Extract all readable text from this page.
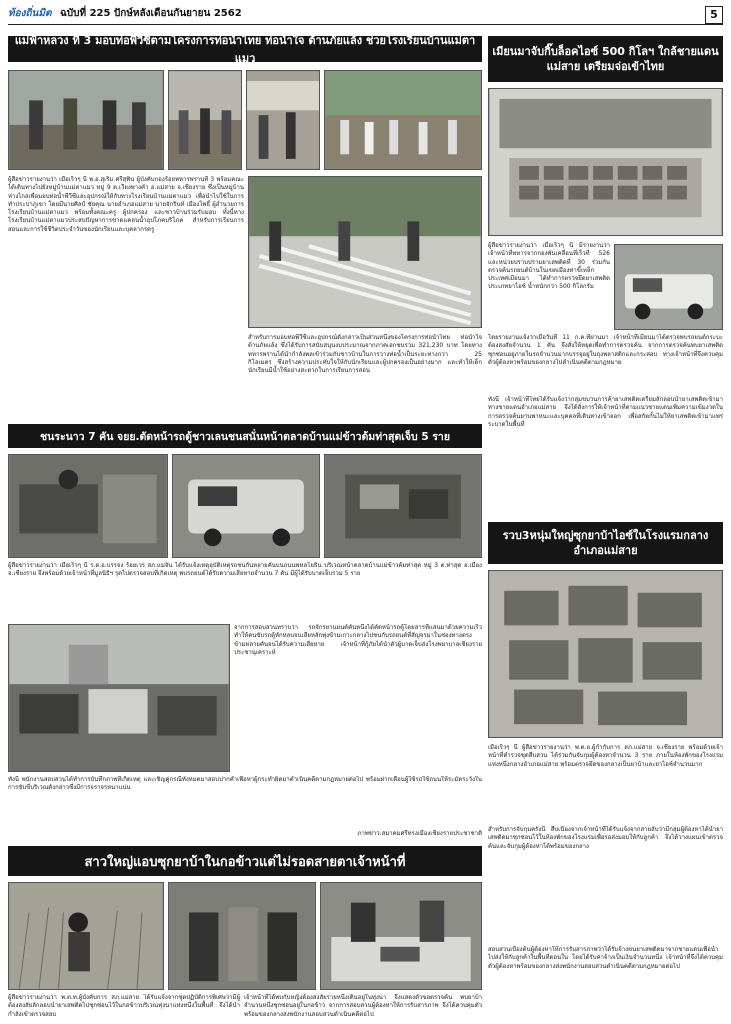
ท้องถิ่นมิต ฉบับที่ 225 ปักษ์หลังเดือนกันยายน 2562	5
แม่ฟ้าหลวง ที่ 3 มอบท่อพีวีซีตามโครงการท่อน้ำไทย ท่อน้ำใจ ต้านภัยแล้ง ช่วยโรงเรียนบ้านแม่ตาแมว
ผู้สื่อข่าวรายงานว่า เมื่อเร็วๆ นี้ พ.อ.สุเริ่ม ศรีสุพิน ผู้บังคับกองร้อยทหารพรานที่ 3 พร้อมคณะได้เดินทางไปยังหมู่บ้านแม่ตาแมว หมู่ 9 ต.เวียงพางคำ อ.แม่สาย จ.เชียงราย ซึ่งเป็นหมู่บ้านห่างไกลเพื่อมอบท่อน้ำพีวีซีและอุปกรณ์ให้กับทางโรงเรียนบ้านแม่ตาแมว เพื่อนำไปใช้ในการทำประปาภูเขา โดยมีนายศิลป์ ชัยคุณ นายอำเภอแม่สาย นายจักรินท์ เมืองโพธิ์ ผู้อำนวยการโรงเรียนบ้านแม่ตาแมว พร้อมทั้งคณะครู ผู้ปกครอง และชาวบ้านร่วมรับมอบ ทั้งนี้ทางโรงเรียนบ้านแม่ตาแมวประสบปัญหาการขาดแคลนน้ำอุปโภคบริโภค สำหรับการเรียนการสอนและการใช้ชีวิตประจำวันของนักเรียนและบุคลากรครู
สำหรับการมอบท่อพีวีซีและอุปกรณ์ดังกล่าวเป็นส่วนหนึ่งของโครงการท่อน้ำไทย ท่อน้ำใจ ต้านภัยแล้ง ซึ่งได้รับการสนับสนุนงบประมาณจากภาคเอกชนรวม 321,230 บาท โดยทางทหารพรานได้นำกำลังพลเข้าร่วมกับชาวบ้านในการวางท่อน้ำเป็นระยะทางกว่า 25 กิโลเมตร ซึ่งสร้างความประทับใจให้กับนักเรียนและผู้ปกครองเป็นอย่างมาก และทำให้เด็กนักเรียนมีน้ำใช้อย่างสะดวกในการเรียนการสอน
เมียนมาจับกิ๊บล็อคไอซ์ 500 กิโลฯ ใกล้ชายแดนแม่สาย เตรียมจ่อเข้าไทย
ผู้สื่อข่าวรายงานว่า เมื่อเร็วๆ นี้ มีรายงานว่า เจ้าหน้าที่ทหารจากกองพันเคลื่อนที่เร็วที่ 526 และหน่วยปราบปรามยาเสพติดที่ 30 ร่วมกันตรวจค้นรถยนต์บ้านในเขตเมืองท่าขี้เหล็ก ประเทศเมียนมา ได้ทำการตรวจยึดยาเสพติดประเภทยาไอซ์ น้ำหนักกว่า 500 กิโลกรัม
โดยรายงานแจ้งว่าเมื่อวันที่ 11 ก.ค.ที่ผ่านมา เจ้าหน้าที่เมียนมาได้ตรวจพบรถยนต์กระบะต้องสงสัยจำนวน 1 คัน จึงสั่งให้หยุดเพื่อทำการตรวจค้น จากการตรวจค้นพบยาเสพติดซุกซ่อนอยู่ภายในรถจำนวนมากบรรจุอยู่ในถุงพลาสติกและกระสอบ ทางเจ้าหน้าที่จึงควบคุมตัวผู้ต้องหาพร้อมของกลางไปดำเนินคดีตามกฎหมาย
ทั้งนี้ เจ้าหน้าที่ไทยได้รับแจ้งว่ากลุ่มขบวนการค้ายาเสพติดเตรียมลักลอบนำยาเสพติดเข้ามาทางชายแดนอำเภอแม่สาย จึงได้สั่งการให้เจ้าหน้าที่ตามแนวชายแดนเพิ่มความเข้มงวดในการตรวจค้นยานพาหนะและบุคคลที่เดินทางเข้าออก เพื่อสกัดกั้นไม่ให้ยาเสพติดเข้ามาแพร่ระบาดในพื้นที่
ชนระนาว 7 คัน จยย.ตัดหน้ารถตู้ชาวเลนชนสนั่นหน้าตลาดบ้านแม่ข้าวต้มท่าสุดเจ็บ 5 ราย
ผู้สื่อข่าวรายงานว่า เมื่อเร็วๆ นี้ ร.ต.อ.บรรจง ร้อยเวร สภ.แม่จัน ได้รับแจ้งเหตุอุบัติเหตุรถชนกันหลายคันบนถนนพหลโยธิน บริเวณหน้าตลาดบ้านแม่ข้าวต้มท่าสุด หมู่ 3 ต.ท่าสุด อ.เมือง จ.เชียงราย จึงพร้อมด้วยเจ้าหน้าที่มูลนิธิฯ รุดไปตรวจสอบที่เกิดเหตุ พบรถยนต์ได้รับความเสียหายจำนวน 7 คัน มีผู้ได้รับบาดเจ็บรวม 5 ราย
จากการสอบสวนทราบว่า รถจักรยานยนต์คันหนึ่งได้ตัดหน้ารถตู้โดยสารที่แล่นมาด้วยความเร็ว ทำให้คนขับรถตู้หักหลบจนเสียหลักพุ่งข้ามเกาะกลางไปชนกับรถยนต์ที่สัญจรมาในช่องทางตรงข้ามหลายคันจนได้รับความเสียหาย เจ้าหน้าที่กู้ภัยได้นำตัวผู้บาดเจ็บส่งโรงพยาบาลเชียงรายประชานุเคราะห์
ทั้งนี้ พนักงานสอบสวนได้ทำการบันทึกภาพที่เกิดเหตุ และเชิญคู่กรณีทั้งหมดมาสอบปากคำเพื่อหาผู้กระทำผิดมาดำเนินคดีตามกฎหมายต่อไป พร้อมฝากเตือนผู้ใช้รถใช้ถนนให้ระมัดระวังในการขับขี่บริเวณดังกล่าวซึ่งมีการจราจรหนาแน่น
ภาพข่าว:สมาคมศรีทรงเมืองเชียงรายประชาชาติ
รวบ3หนุ่มใหญ่ซุกยาบ้าไอซ์ในโรงแรมกลางอำเภอแม่สาย
เมื่อเร็วๆ นี้ ผู้สื่อข่าวรายงานว่า พ.ต.อ.ผู้กำกับการ สภ.แม่สาย จ.เชียงราย พร้อมด้วยเจ้าหน้าที่ตำรวจชุดสืบสวน ได้ร่วมกันจับกุมผู้ต้องหาจำนวน 3 ราย ภายในห้องพักของโรงแรมแห่งหนึ่งกลางอำเภอแม่สาย พร้อมตรวจยึดของกลางเป็นยาบ้าและยาไอซ์จำนวนมาก
สำหรับการจับกุมครั้งนี้ สืบเนื่องจากเจ้าหน้าที่ได้รับแจ้งจากสายลับว่ามีกลุ่มผู้ต้องหาได้นำยาเสพติดมาซุกซ่อนไว้ในห้องพักของโรงแรมเพื่อรอส่งมอบให้กับลูกค้า จึงได้วางแผนเข้าตรวจค้นและจับกุมผู้ต้องหาได้พร้อมของกลาง
สอบสวนเบื้องต้นผู้ต้องหาให้การรับสารภาพว่าได้รับจ้างขนยาเสพติดมาจากชายแดนเพื่อนำไปส่งให้กับลูกค้าในพื้นที่ตอนใน โดยได้รับค่าจ้างเป็นเงินจำนวนหนึ่ง เจ้าหน้าที่จึงได้ควบคุมตัวผู้ต้องหาพร้อมของกลางส่งพนักงานสอบสวนดำเนินคดีตามกฎหมายต่อไป
สาวใหญ่แอบซุกยาบ้าในกอข้าวแต่ไม่รอดสายตาเจ้าหน้าที่
ผู้สื่อข่าวรายงานว่า พ.ต.ท.ผู้บังคับการ สภ.แม่สาย ได้รับแจ้งจากชุดปฏิบัติการพิเศษว่ามีผู้ต้องสงสัยลักลอบนำยาเสพติดไปซุกซ่อนไว้ในกอข้าวบริเวณทุ่งนาแห่งหนึ่งในพื้นที่ จึงได้นำกำลังเข้าตรวจสอบ
เจ้าหน้าที่ได้พบกับหญิงต้องสงสัยรายหนึ่งเดินอยู่ในทุ่งนา จึงแสดงตัวขอตรวจค้น พบยาบ้าจำนวนหนึ่งซุกซ่อนอยู่ในกอข้าว จากการสอบสวนผู้ต้องหาให้การรับสารภาพ จึงได้ควบคุมตัวพร้อมของกลางส่งพนักงานสอบสวนดำเนินคดีต่อไป
